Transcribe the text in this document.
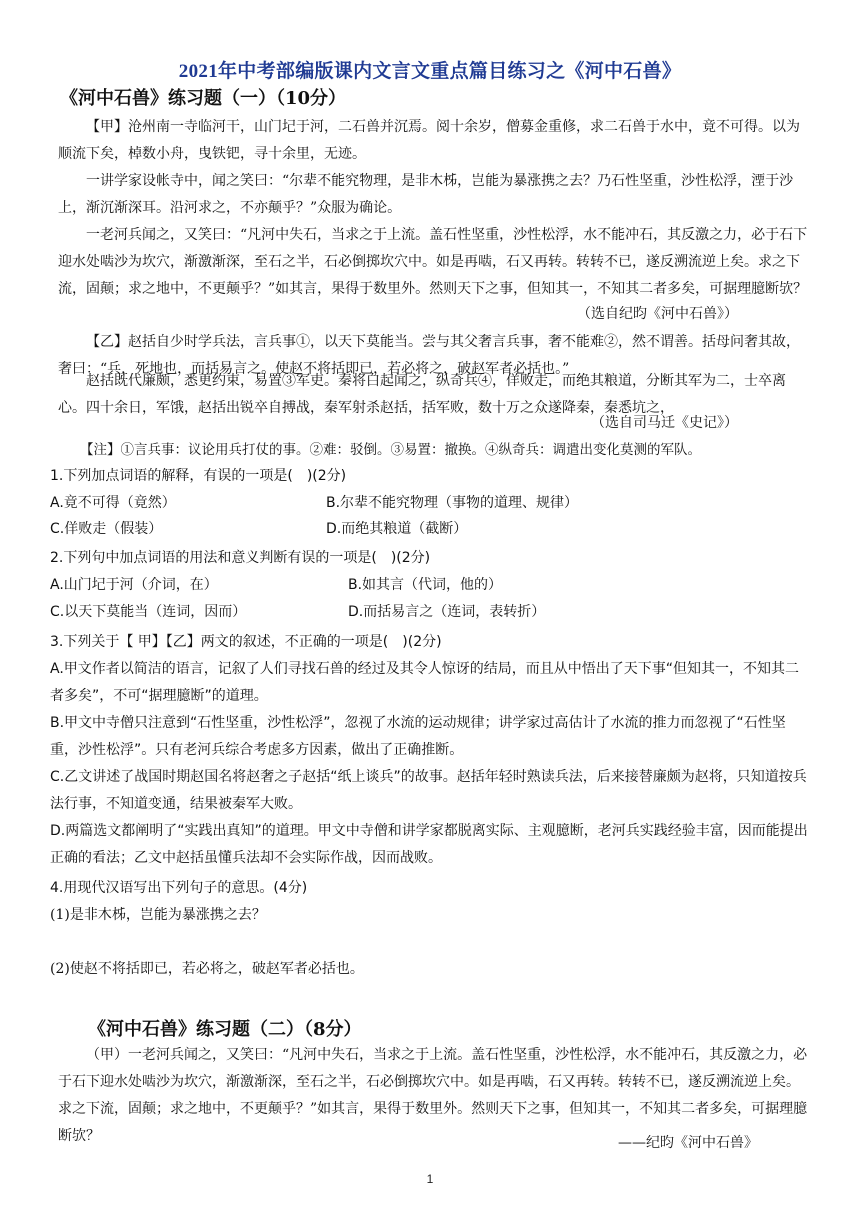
2021年中考部编版课内文言文重点篇目练习之《河中石兽》
《河中石兽》练习题（一）（10分）
【甲】沧州南一寺临河干，山门圮于河，二石兽并沉焉。阅十余岁，僧募金重修，求二石兽于水中，竟不可得。以为顺流下矣，棹数小舟，曳铁钯，寻十余里，无迹。
一讲学家设帐寺中，闻之笑曰：“尔辈不能究物理，是非木柹，岂能为暴涨携之去？乃石性坚重，沙性松浮，湮于沙上，渐沉渐深耳。沿河求之，不亦颠乎？”众服为确论。
一老河兵闻之，又笑曰：“凡河中失石，当求之于上流。盖石性坚重，沙性松浮，水不能冲石，其反激之力，必于石下迎水处啮沙为坎穴，渐激渐深，至石之半，石必倒掷坎穴中。如是再啮，石又再转。转转不已，遂反溯流逆上矣。求之下流，固颠；求之地中，不更颠乎？”如其言，果得于数里外。然则天下之事，但知其一，不知其二者多矣，可据理臆断欤？
（选自纪昀《河中石兽》）
【乙】赵括自少时学兵法，言兵事①，以天下莫能当。尝与其父奢言兵事，奢不能难②，然不谓善。括母问奢其故，奢曰：“兵，死地也，而括易言之。使赵不将括即已，若必将之，破赵军者必括也。”
赵括既代廉颇，悉更约束，易置③军吏。秦将白起闻之，纵奇兵④，佯败走，而绝其粮道，分断其军为二，士卒离心。四十余日，军饿，赵括出锐卒自搏战，秦军射杀赵括，括军败，数十万之众遂降秦，秦悉坑之，
（选自司马迁《史记》）
【注】①言兵事：议论用兵打仗的事。②难：驳倒。③易置：撤换。④纵奇兵：调遣出变化莫测的军队。
1.下列加点词语的解释，有误的一项是(　)(2分)
A.竟不可得（竟然）	B.尔辈不能究物理（事物的道理、规律）
C.佯败走（假装）	D.而绝其粮道（截断）
2.下列句中加点词语的用法和意义判断有误的一项是(　)(2分)
A.山门圮于河（介词，在）	B.如其言（代词，他的）
C.以天下莫能当（连词，因而）	D.而括易言之（连词，表转折）
3.下列关于【 甲】【乙】两文的叙述，不正确的一项是(　)(2分)
A.甲文作者以简洁的语言，记叙了人们寻找石兽的经过及其令人惊讶的结局，而且从中悟出了天下事“但知其一，不知其二者多矣”，不可“据理臆断”的道理。
B.甲文中寺僧只注意到“石性坚重，沙性松浮”，忽视了水流的运动规律；讲学家过高估计了水流的推力而忽视了“石性坚重，沙性松浮”。只有老河兵综合考虑多方因素，做出了正确推断。
C.乙文讲述了战国时期赵国名将赵奢之子赵括“纸上谈兵”的故事。赵括年轻时熟读兵法，后来接替廉颇为赵将，只知道按兵法行事，不知道变通，结果被秦军大败。
D.两篇选文都阐明了“实践出真知”的道理。甲文中寺僧和讲学家都脱离实际、主观臆断，老河兵实践经验丰富，因而能提出正确的看法；乙文中赵括虽懂兵法却不会实际作战，因而战败。
4.用现代汉语写出下列句子的意思。(4分)
(1)是非木柹，岂能为暴涨携之去？
(2)使赵不将括即已，若必将之，破赵军者必括也。
《河中石兽》练习题（二）（8分）
（甲）一老河兵闻之，又笑曰：“凡河中失石，当求之于上流。盖石性坚重，沙性松浮，水不能冲石，其反激之力，必于石下迎水处啮沙为坎穴，渐激渐深，至石之半，石必倒掷坎穴中。如是再啮，石又再转。转转不已，遂反溯流逆上矣。求之下流，固颠；求之地中，不更颠乎？”如其言，果得于数里外。然则天下之事，但知其一，不知其二者多矣，可据理臆断欤？	——纪昀《河中石兽》
1
